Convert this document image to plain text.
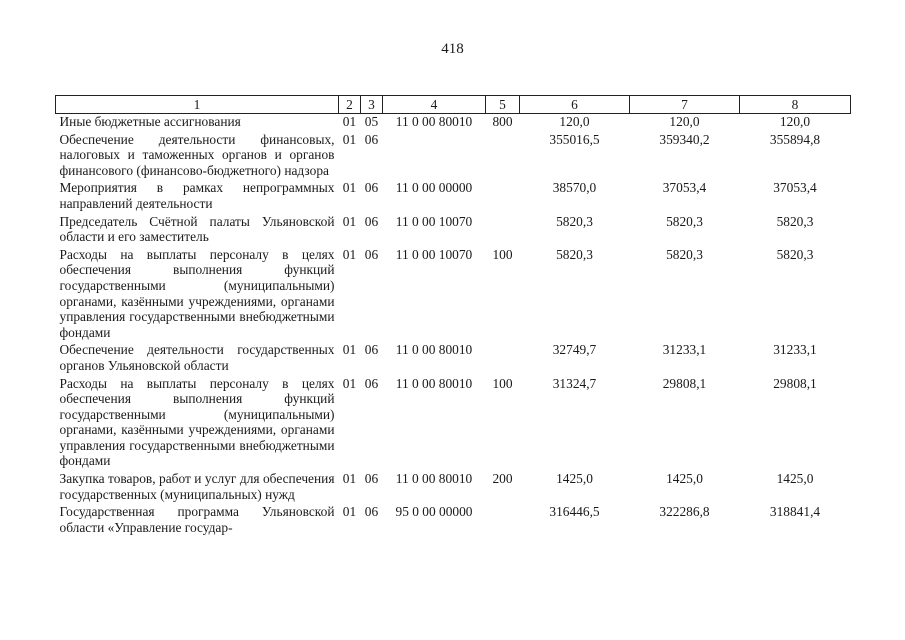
418
1	2	3	4	5	6	7	8
Иные бюджетные ассигнования	01	05	11 0 00 80010	800	120,0	120,0	120,0
Обеспечение деятельности финансовых, налоговых и таможенных органов и органов финансового (финансово-бюджетного) надзора	01	06			355016,5	359340,2	355894,8
Мероприятия в рамках непрограммных направлений деятельности	01	06	11 0 00 00000		38570,0	37053,4	37053,4
Председатель Счётной палаты Ульяновской области и его заместитель	01	06	11 0 00 10070		5820,3	5820,3	5820,3
Расходы на выплаты персоналу в целях обеспечения выполнения функций государственными (муниципальными) органами, казёнными учреждениями, органами управления государственными внебюджетными фондами	01	06	11 0 00 10070	100	5820,3	5820,3	5820,3
Обеспечение деятельности государственных органов Ульяновской области	01	06	11 0 00 80010		32749,7	31233,1	31233,1
Расходы на выплаты персоналу в целях обеспечения выполнения функций государственными (муниципальными) органами, казёнными учреждениями, органами управления государственными внебюджетными фондами	01	06	11 0 00 80010	100	31324,7	29808,1	29808,1
Закупка товаров, работ и услуг для обеспечения государственных (муниципальных) нужд	01	06	11 0 00 80010	200	1425,0	1425,0	1425,0
Государственная программа Ульяновской области «Управление государ-	01	06	95 0 00 00000		316446,5	322286,8	318841,4
